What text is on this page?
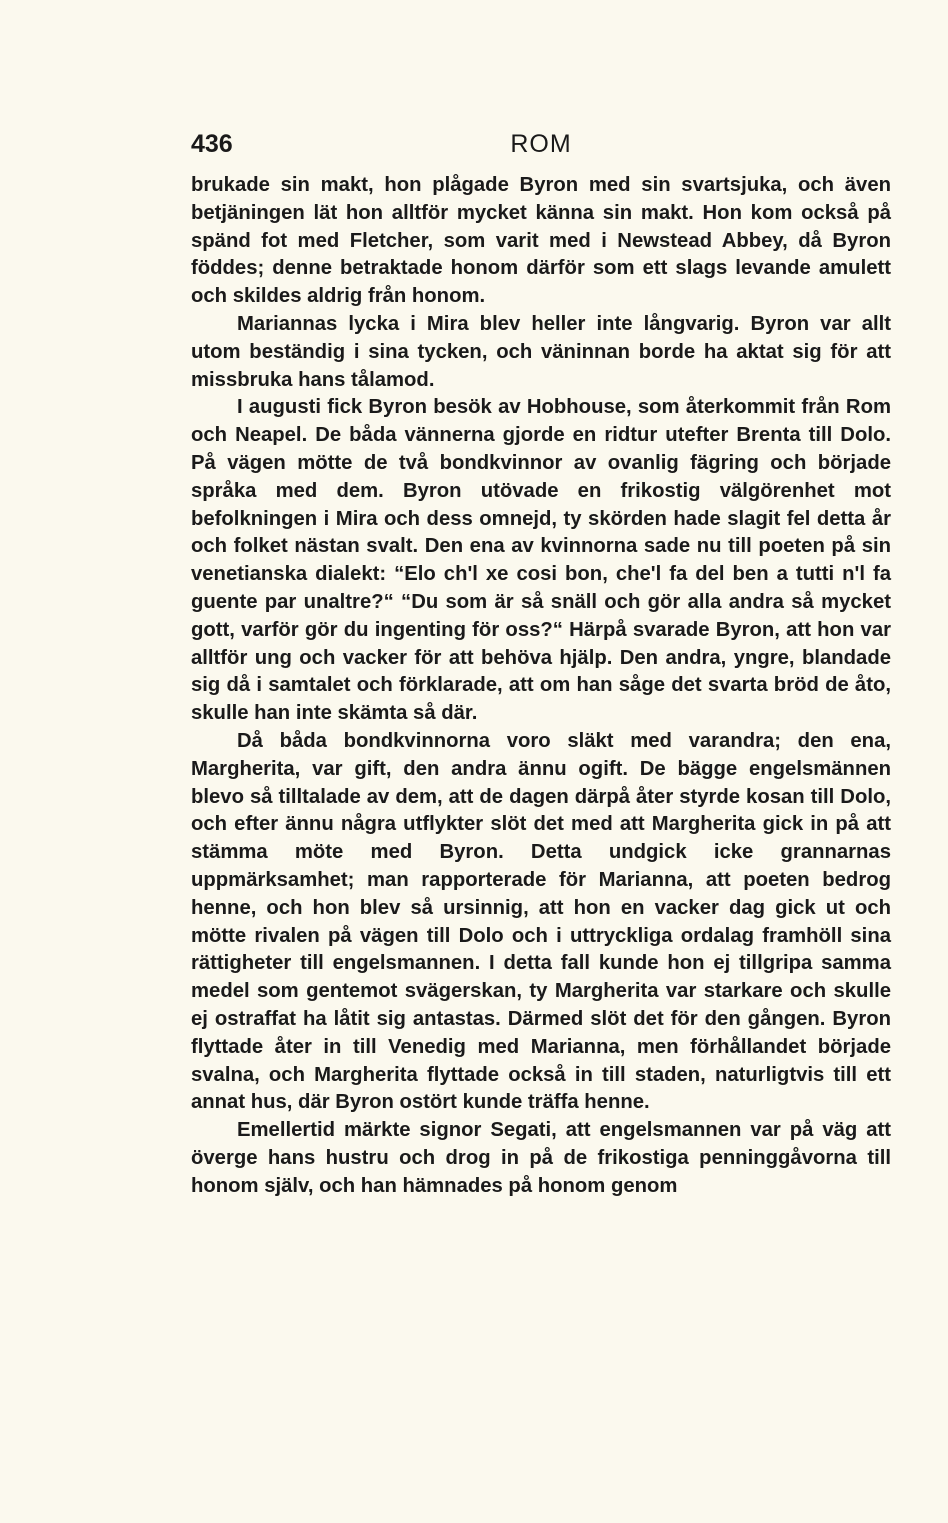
436	ROM

brukade sin makt, hon plågade Byron med sin svartsjuka, och även betjäningen lät hon alltför mycket känna sin makt. Hon kom också på spänd fot med Fletcher, som varit med i Newstead Abbey, då Byron föddes; denne betraktade honom därför som ett slags levande amulett och skildes aldrig från honom.

Mariannas lycka i Mira blev heller inte långvarig. Byron var allt utom beständig i sina tycken, och väninnan borde ha aktat sig för att missbruka hans tålamod.

I augusti fick Byron besök av Hobhouse, som återkommit från Rom och Neapel. De båda vännerna gjorde en ridtur utefter Brenta till Dolo. På vägen mötte de två bondkvinnor av ovanlig fägring och började språka med dem. Byron utövade en frikostig välgörenhet mot befolkningen i Mira och dess omnejd, ty skörden hade slagit fel detta år och folket nästan svalt. Den ena av kvinnorna sade nu till poeten på sin venetianska dialekt: “Elo ch'l xe cosi bon, che'l fa del ben a tutti n'l fa guente par unaltre?“ “Du som är så snäll och gör alla andra så mycket gott, varför gör du ingenting för oss?“ Härpå svarade Byron, att hon var alltför ung och vacker för att behöva hjälp. Den andra, yngre, blandade sig då i samtalet och förklarade, att om han såge det svarta bröd de åto, skulle han inte skämta så där.

Då båda bondkvinnorna voro släkt med varandra; den ena, Margherita, var gift, den andra ännu ogift. De bägge engelsmännen blevo så tilltalade av dem, att de dagen därpå åter styrde kosan till Dolo, och efter ännu några utflykter slöt det med att Margherita gick in på att stämma möte med Byron. Detta undgick icke grannarnas uppmärksamhet; man rapporterade för Marianna, att poeten bedrog henne, och hon blev så ursinnig, att hon en vacker dag gick ut och mötte rivalen på vägen till Dolo och i uttryckliga ordalag framhöll sina rättigheter till engelsmannen. I detta fall kunde hon ej tillgripa samma medel som gentemot svägerskan, ty Margherita var starkare och skulle ej ostraffat ha låtit sig antastas. Därmed slöt det för den gången. Byron flyttade åter in till Venedig med Marianna, men förhållandet började svalna, och Margherita flyttade också in till staden, naturligtvis till ett annat hus, där Byron ostört kunde träffa henne.

Emellertid märkte signor Segati, att engelsmannen var på väg att överge hans hustru och drog in på de frikostiga penninggåvorna till honom själv, och han hämnades på honom genom
